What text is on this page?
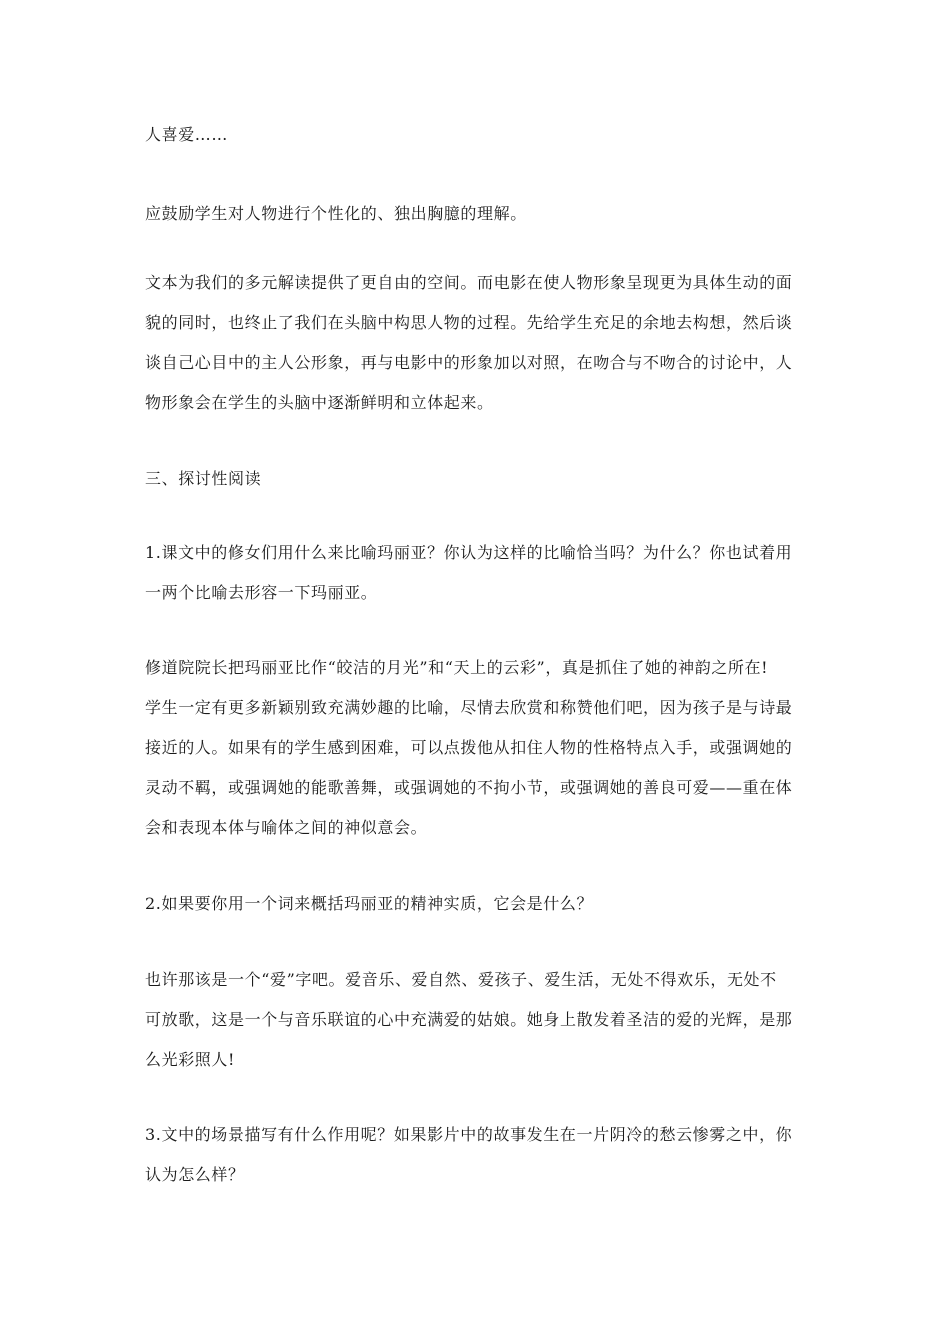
人喜爱……

应鼓励学生对人物进行个性化的、独出胸臆的理解。

文本为我们的多元解读提供了更自由的空间。而电影在使人物形象呈现更为具体生动的面
貌的同时，也终止了我们在头脑中构思人物的过程。先给学生充足的余地去构想，然后谈
谈自己心目中的主人公形象，再与电影中的形象加以对照，在吻合与不吻合的讨论中，人
物形象会在学生的头脑中逐渐鲜明和立体起来。

三、探讨性阅读

1.课文中的修女们用什么来比喻玛丽亚？你认为这样的比喻恰当吗？为什么？你也试着用
一两个比喻去形容一下玛丽亚。

修道院院长把玛丽亚比作“皎洁的月光”和“天上的云彩”，真是抓住了她的神韵之所在!
学生一定有更多新颖别致充满妙趣的比喻，尽情去欣赏和称赞他们吧，因为孩子是与诗最
接近的人。如果有的学生感到困难，可以点拨他从扣住人物的性格特点入手，或强调她的
灵动不羁，或强调她的能歌善舞，或强调她的不拘小节，或强调她的善良可爱——重在体
会和表现本体与喻体之间的神似意会。

2.如果要你用一个词来概括玛丽亚的精神实质，它会是什么？

也许那该是一个“爱”字吧。爱音乐、爱自然、爱孩子、爱生活，无处不得欢乐，无处不
可放歌，这是一个与音乐联谊的心中充满爱的姑娘。她身上散发着圣洁的爱的光辉，是那
么光彩照人!

3.文中的场景描写有什么作用呢？如果影片中的故事发生在一片阴冷的愁云惨雾之中，你
认为怎么样？
